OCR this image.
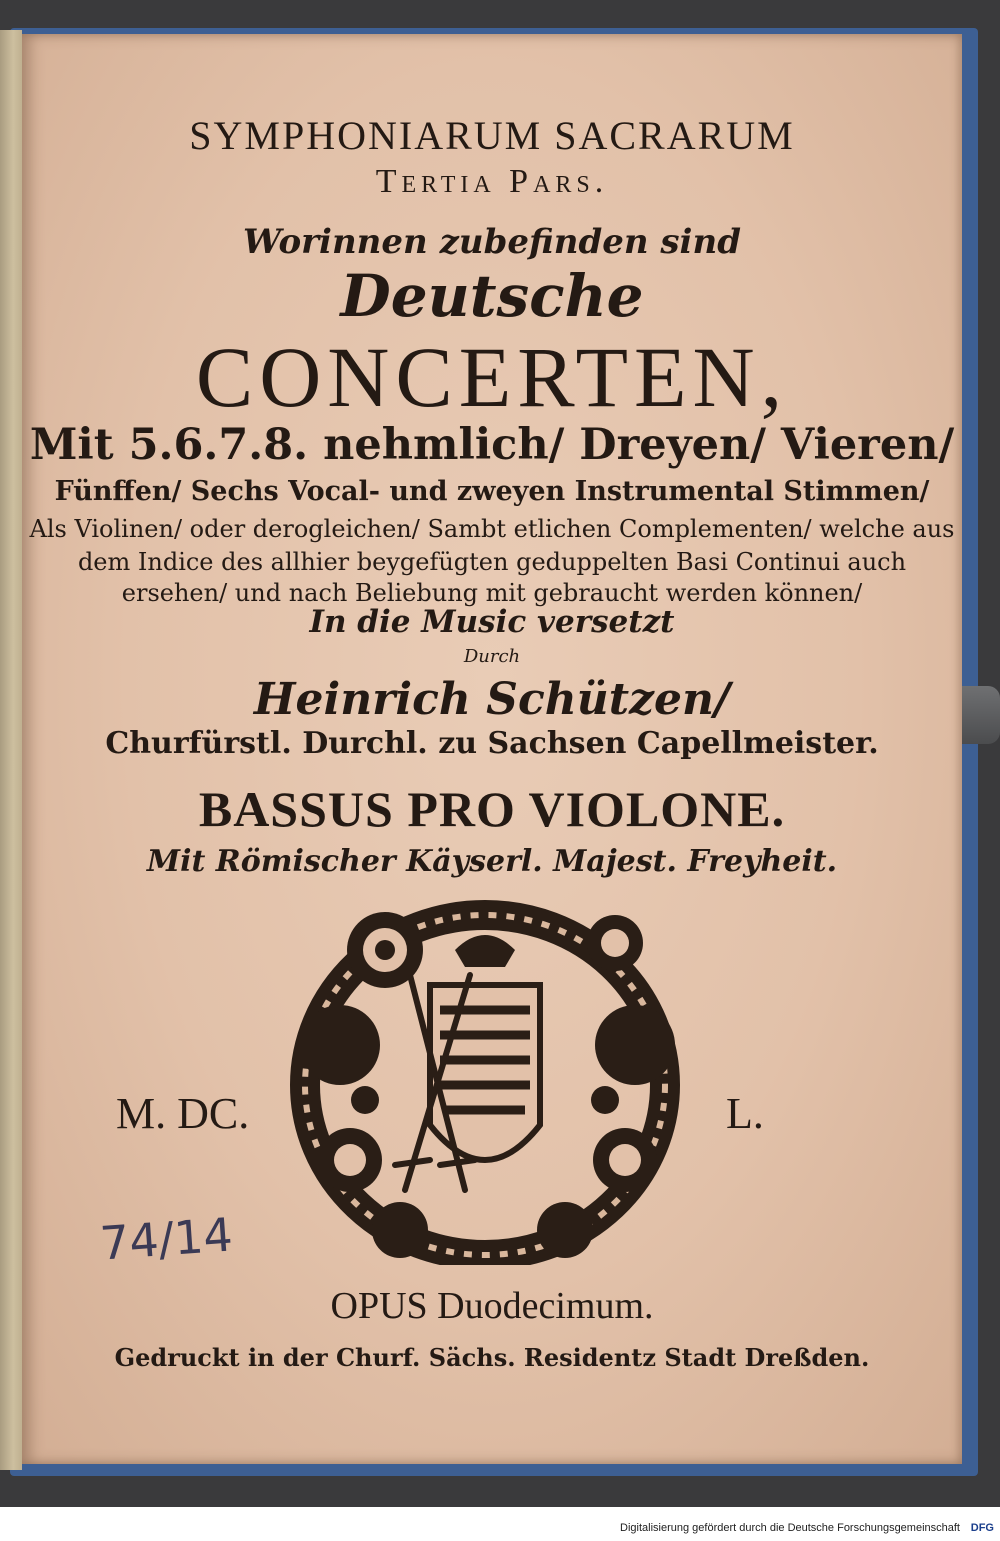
SYMPHONIARUM SACRARUM
Tertia Pars.
Worinnen zubefinden sind
Deutsche
CONCERTEN,
Mit 5.6.7.8. nehmlich/ Dreyen/ Vieren/
Fünffen/ Sechs Vocal- und zweyen Instrumental Stimmen/
Als Violinen/ oder derogleichen/ Sambt etlichen Complementen/ welche aus
dem Indice des allhier beygefügten geduppelten Basi Continui auch
ersehen/ und nach Beliebung mit gebraucht werden können/
In die Music versetzt
Durch
Heinrich Schützen/
Churfürstl. Durchl. zu Sachsen Capellmeister.
BASSUS PRO VIOLONE.
Mit Römischer Käyserl. Majest. Freyheit.
M. DC.	L.
74/14
OPUS Duodecimum.
Gedruckt in der Churf. Sächs. Residentz Stadt Dreßden.
Digitalisierung gefördert durch die Deutsche Forschungsgemeinschaft DFG
